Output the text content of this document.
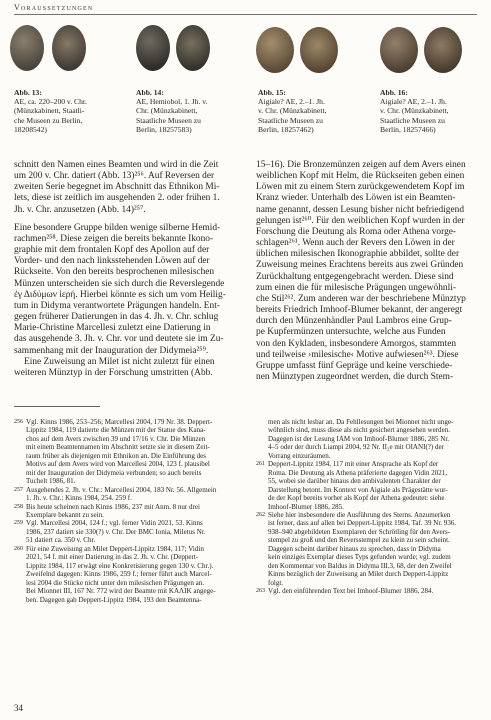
Voraussetzungen
Abb. 13:
AE, ca. 220–200 v. Chr.
(Münzkabinett, Staatli-
che Museen zu Berlin,
18208542)
Abb. 14:
AE, Hemiobol, 1. Jh. v.
Chr. (Münzkabinett,
Staatliche Museen zu
Berlin, 18257583)
Abb. 15:
Aigiale? AE, 2.–1. Jh.
v. Chr. (Münzkabinett,
Staatliche Museen zu
Berlin, 18257462)
Abb. 16:
Aigiale? AE, 2.–1. Jh.
v. Chr. (Münzkabinett,
Staatliche Museen zu
Berlin, 18257466)

schnitt den Namen eines Beamten und wird in die Zeit

um 200 v. Chr. datiert (Abb. 13)²⁵⁶. Auf Reversen der

zweiten Serie begegnet im Abschnitt das Ethnikon Mi-

lets, diese ist zeitlich im ausgehenden 2. oder frühen 1.

Jh. v. Chr. anzusetzen (Abb. 14)²⁵⁷.

Eine besondere Gruppe bilden wenige silberne Hemid-

rachmen²⁵⁸. Diese zeigen die bereits bekannte Ikono-

graphie mit dem frontalen Kopf des Apollon auf der

Vorder- und den nach linksstehenden Löwen auf der

Rückseite. Von den bereits besprochenen milesischen

Münzen unterscheiden sie sich durch die Reverslegende

ἐγ Διδύμων ἱερή. Hierbei könnte es sich um vom Heilig-

tum in Didyma verantwortete Prägungen handeln. Ent-

gegen früherer Datierungen in das 4. Jh. v. Chr. schlug

Marie-Christine Marcellesi zuletzt eine Datierung in

das ausgehende 3. Jh. v. Chr. vor und deutete sie im Zu-

sammenhang mit der Inauguration der Didymeia²⁵⁹.

Eine Zuweisung an Milet ist nicht zuletzt für einen

weiteren Münztyp in der Forschung umstritten (Abb.

15–16). Die Bronzemünzen zeigen auf dem Avers einen

weiblichen Kopf mit Helm, die Rückseiten geben einen

Löwen mit zu einem Stern zurückgewendetem Kopf im

Kranz wieder. Unterhalb des Löwen ist ein Beamten-

name genannt, dessen Lesung bisher nicht befriedigend

gelungen ist²⁶⁰. Für den weiblichen Kopf wurden in der

Forschung die Deutung als Roma oder Athena vorge-

schlagen²⁶¹. Wenn auch der Revers den Löwen in der

üblichen milesischen Ikonographie abbildet, sollte der

Zuweisung meines Erachtens bereits aus zwei Gründen

Zurückhaltung entgegengebracht werden. Diese sind

zum einen die für milesische Prägungen ungewöhnli-

che Stil²⁶². Zum anderen war der beschriebene Münztyp

bereits Friedrich Imhoof-Blumer bekannt, der angeregt

durch den Münzenhändler Paul Lambros eine Grup-

pe Kupfermünzen untersuchte, welche aus Funden

von den Kykladen, insbesondere Amorgos, stammten

und teilweise ›milesische‹ Motive aufwiesen²⁶³. Diese

Gruppe umfasst fünf Gepräge und keine verschiede-

nen Münztypen zugeordnet werden, die durch Stem-

256 Vgl. Kinns 1986, 253–256; Marcellesi 2004, 179 Nr. 38. Deppert-
Lippitz 1984, 119 datierte die Münzen mit der Statue des Kana-
chos auf dem Avers zwischen 39 und 17/16 v. Chr. Die Münzen
mit einem Beamtennamen im Abschnitt setzte sie in diesem Zeit-
raum früher als diejenigen mit Ethnikon an. Die Einführung des
Motivs auf dem Avers wird von Marcellesi 2004, 123 f. plausibel
mit der Inauguration der Didymeia verbunden; so auch bereits
Tuchelt 1986, 81.
257 Ausgehendes 2. Jh. v. Chr.: Marcellesi 2004, 183 Nr. 56. Allgemein
1. Jh. v. Chr.: Kinns 1984, 254. 259 f.
258 Bis heute scheinen nach Kinns 1986, 237 mit Anm. 8 nur drei
Exemplare bekannt zu sein.
259 Vgl. Marcellesi 2004, 124 f.; vgl. ferner Vidin 2021, 53. Kinns
1986, 237 datiert sie 330(?) v. Chr. Der BMC Ionia, Miletus Nr.
51 datiert ca. 350 v. Chr.
260 Für eine Zuweisung an Milet Deppert-Lippitz 1984, 117; Vidin
2021, 54 f. mit einer Datierung in das 2. Jh. v. Chr. (Deppert-
Lippitz 1984, 117 erwägt eine Konkretisierung gegen 130 v. Chr.).
Zweifelnd dagegen: Kinns 1986, 259 f.; ferner führt auch Marcel-
lesi 2004 die Stücke nicht unter den milesischen Prägungen an.
Bei Mionnet III, 167 Nr. 772 wird der Beamte mit ΚΑΛΙΚ angege-
ben. Dagegen gab Deppert-Lippitz 1984, 193 den Beamtenna-
men als nicht lesbar an. Da Fehllesungen bei Mionnet nicht unge-
wöhnlich sind, muss diese als nicht gesichert angesehen werden.
Dagegen ist der Lesung IAM von Imhoof-Blumer 1886, 285 Nr.
4–5 oder der durch Liampi 2004, 92 Nr. II₂e mit OIANI(?) der
Vorrang einzuräumen.
261 Deppert-Lippitz 1984, 117 mit einer Ansprache als Kopf der
Roma. Die Deutung als Athena präferierte dagegen Vidin 2021,
55, wobei sie darüber hinaus den ambivalenten Charakter der
Darstellung betont. Im Kontext von Aigiale als Prägestätte wur-
de der Kopf bereits vorher als Kopf der Athena gedeutet: siehe
Imhoof-Blumer 1886, 285.
262 Siehe hier insbesondere die Ausführung des Sterns. Anzumerken
ist ferner, dass auf allen bei Deppert-Lippitz 1984, Taf. 39 Nr. 936.
938–940 abgebildeten Exemplaren der Schrötling für den Avers-
stempel zu groß und den Reversstempel zu klein zu sein scheint.
Dagegen scheint darüber hinaus zu sprechen, dass in Didyma
kein einziges Exemplar dieses Typs gefunden wurde; vgl. zudem
den Kommentar von Baldus in Didyma III.3, 68, der den Zweifel
Kinns bezüglich der Zuweisung an Milet durch Deppert-Lippitz
folgt.
263 Vgl. den einführenden Text bei Imhoof-Blumer 1886, 284.
34
